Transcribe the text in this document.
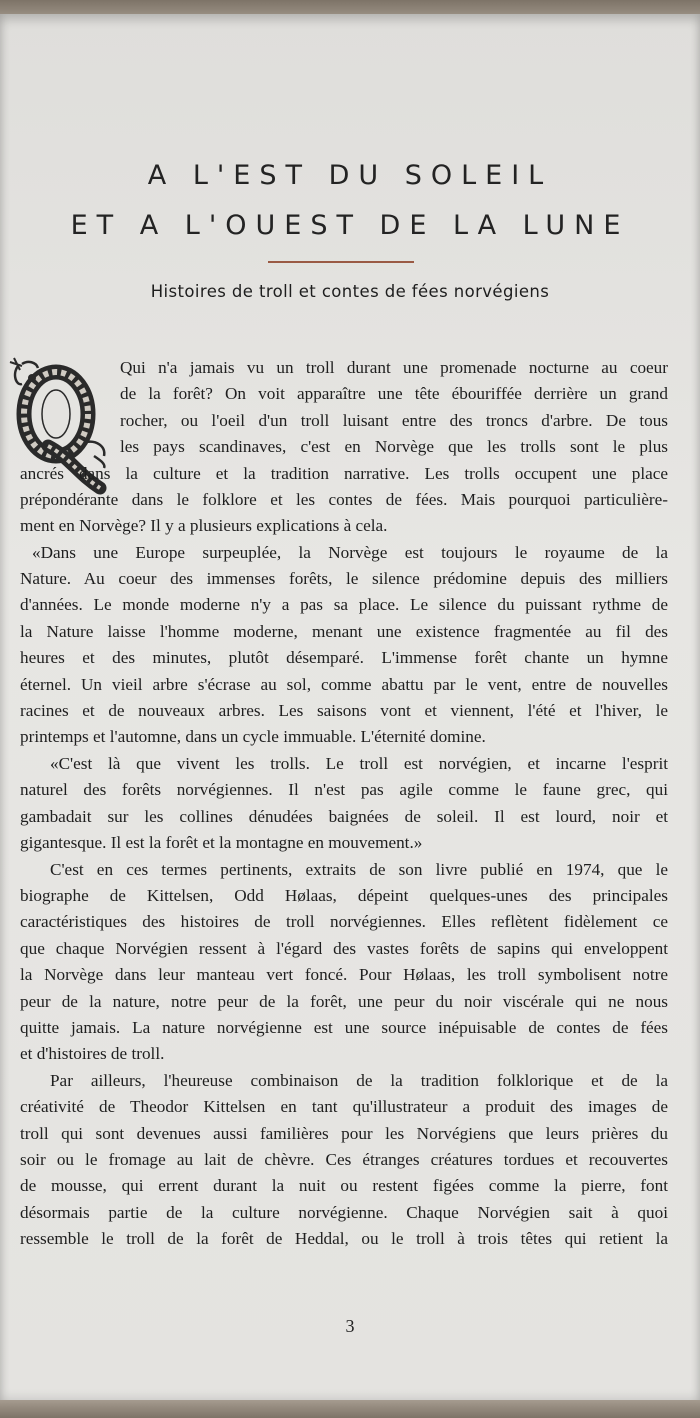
A L'EST DU SOLEIL
ET A L'OUEST DE LA LUNE
Histoires de troll et contes de fées norvégiens
Qui n'a jamais vu un troll durant une promenade nocturne au coeur
de la forêt? On voit apparaître une tête ébouriffée derrière un grand
rocher, ou l'oeil d'un troll luisant entre des troncs d'arbre. De tous
les pays scandinaves, c'est en Norvège que les trolls sont le plus
ancrés dans la culture et la tradition narrative. Les trolls occupent une place
prépondérante dans le folklore et les contes de fées. Mais pourquoi particulière-
ment en Norvège? Il y a plusieurs explications à cela.
«Dans une Europe surpeuplée, la Norvège est toujours le royaume de la
Nature. Au coeur des immenses forêts, le silence prédomine depuis des milliers
d'années. Le monde moderne n'y a pas sa place. Le silence du puissant rythme de
la Nature laisse l'homme moderne, menant une existence fragmentée au fil des
heures et des minutes, plutôt désemparé. L'immense forêt chante un hymne
éternel. Un vieil arbre s'écrase au sol, comme abattu par le vent, entre de nouvelles
racines et de nouveaux arbres. Les saisons vont et viennent, l'été et l'hiver, le
printemps et l'automne, dans un cycle immuable. L'éternité domine.
«C'est là que vivent les trolls. Le troll est norvégien, et incarne l'esprit
naturel des forêts norvégiennes. Il n'est pas agile comme le faune grec, qui
gambadait sur les collines dénudées baignées de soleil. Il est lourd, noir et
gigantesque. Il est la forêt et la montagne en mouvement.»
C'est en ces termes pertinents, extraits de son livre publié en 1974, que le
biographe de Kittelsen, Odd Hølaas, dépeint quelques-unes des principales
caractéristiques des histoires de troll norvégiennes. Elles reflètent fidèlement ce
que chaque Norvégien ressent à l'égard des vastes forêts de sapins qui enveloppent
la Norvège dans leur manteau vert foncé. Pour Hølaas, les troll symbolisent notre
peur de la nature, notre peur de la forêt, une peur du noir viscérale qui ne nous
quitte jamais. La nature norvégienne est une source inépuisable de contes de fées
et d'histoires de troll.
Par ailleurs, l'heureuse combinaison de la tradition folklorique et de la
créativité de Theodor Kittelsen en tant qu'illustrateur a produit des images de
troll qui sont devenues aussi familières pour les Norvégiens que leurs prières du
soir ou le fromage au lait de chèvre. Ces étranges créatures tordues et recouvertes
de mousse, qui errent durant la nuit ou restent figées comme la pierre, font
désormais partie de la culture norvégienne. Chaque Norvégien sait à quoi
ressemble le troll de la forêt de Heddal, ou le troll à trois têtes qui retient la
3
